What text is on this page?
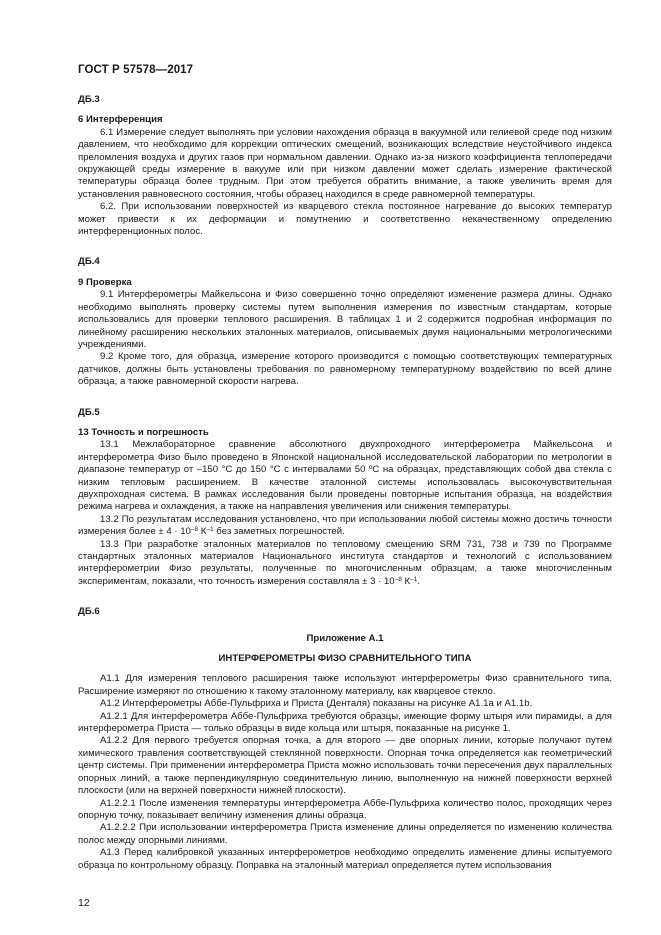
ГОСТ Р 57578—2017

ДБ.3

6 Интерференция

6.1 Измерение следует выполнять при условии нахождения образца в вакуумной или гелиевой среде под низким давлением, что необходимо для коррекции оптических смещений, возникающих вследствие неустойчивого индекса преломления воздуха и других газов при нормальном давлении. Однако из-за низкого коэффициента теплопередачи окружающей среды измерение в вакууме или при низком давлении может сделать измерение фактической температуры образца более трудным. При этом требуется обратить внимание, а также увеличить время для установления равновесного состояния, чтобы образец находился в среде равномерной температуры.

6.2. При использовании поверхностей из кварцевого стекла постоянное нагревание до высоких температур может привести к их деформации и помутнению и соответственно некачественному определению интерференционных полос.

ДБ.4

9 Проверка

9.1 Интерферометры Майкельсона и Физо совершенно точно определяют изменение размера длины. Однако необходимо выполнять проверку системы путем выполнения измерения по известным стандартам, которые использовались для проверки теплового расширения. В таблицах 1 и 2 содержится подробная информация по линейному расширению нескольких эталонных материалов, описываемых двумя национальными метрологическими учреждениями.

9.2 Кроме того, для образца, измерение которого производится с помощью соответствующих температурных датчиков, должны быть установлены требования по равномерному температурному воздействию по всей длине образца, а также равномерной скорости нагрева.

ДБ.5

13 Точность и погрешность

13.1 Межлабораторное сравнение абсолютного двухпроходного интерферометра Майкельсона и интерферометра Физо было проведено в Японской национальной исследовательской лаборатории по метрологии в диапазоне температур от –150 °С до 150 °С с интервалами 50 ºС на образцах, представляющих собой два стекла с низким тепловым расширением. В качестве эталонной системы использовалась высокочувствительная двухпроходная система. В рамках исследования были проведены повторные испытания образца, на воздействия режима нагрева и охлаждения, а также на направления увеличения или снижения температуры.

13.2 По результатам исследования установлено, что при использовании любой системы можно достичь точности измерения более ± $4 \cdot 10^{-8}$ $К^{-1}$ без заметных погрешностей.

13.3 При разработке эталонных материалов по тепловому смещению SRM 731, 738 и 739 по Программе стандартных эталонных материалов Национального института стандартов и технологий с использованием интерферометрии Физо результаты, полученные по многочисленным образцам, а также многочисленным экспериментам, показали, что точность измерения составляла ± $3 \cdot 10^{-8}$ $К^{-1}$.

ДБ.6

Приложение А.1

ИНТЕРФЕРОМЕТРЫ ФИЗО СРАВНИТЕЛЬНОГО ТИПА

А1.1 Для измерения теплового расширения также используют интерферометры Физо сравнительного типа. Расширение измеряют по отношению к такому эталонному материалу, как кварцевое стекло.

А1.2 Интерферометры Аббе-Пульфриха и Приста (Денталя) показаны на рисунке А1.1а и А1.1b.

А1.2.1 Для интерферометра Аббе-Пульфриха требуются образцы, имеющие форму штыря или пирамиды, а для интерферометра Приста — только образцы в виде кольца или штыря, показанные на рисунке 1.

А1.2.2 Для первого требуется опорная точка, а для второго — две опорных линии, которые получают путем химического травления соответствующей стеклянной поверхности. Опорная точка определяется как геометрический центр системы. При применении интерферометра Приста можно использовать точки пересечения двух параллельных опорных линий, а также перпендикулярную соединительную линию, выполненную на нижней поверхности верхней плоскости (или на верхней поверхности нижней плоскости).

А1.2.2.1 После изменения температуры интерферометра Аббе-Пульфриха количество полос, проходящих через опорную точку, показывает величину изменения длины образца.

А1.2.2.2 При использовании интерферометра Приста изменение длины определяется по изменению количества полос между опорными линиями.

А1.3 Перед калибровкой указанных интерферометров необходимо определить изменение длины испытуемого образца по контрольному образцу. Поправка на эталонный материал определяется путем использования

12
